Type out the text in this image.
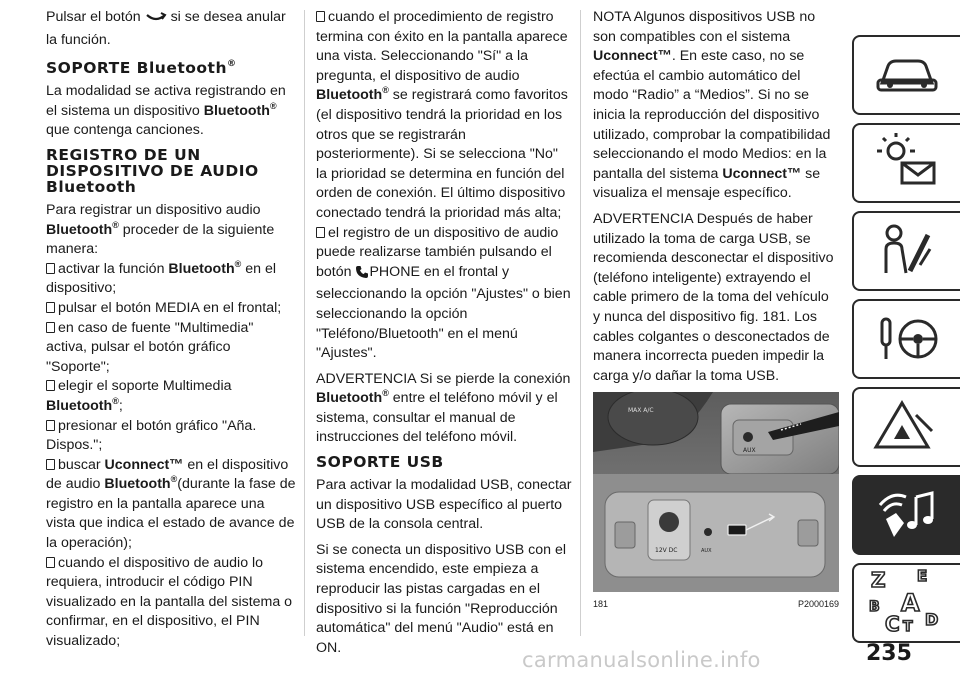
Pulsar el botón si se desea anular la función.

SOPORTE Bluetooth®

La modalidad se activa registrando en el sistema un dispositivo Bluetooth® que contenga canciones.

REGISTRO DE UN DISPOSITIVO DE AUDIO Bluetooth

Para registrar un dispositivo audio Bluetooth® proceder de la siguiente manera:

activar la función Bluetooth® en el dispositivo;
pulsar el botón MEDIA en el frontal;
en caso de fuente "Multimedia" activa, pulsar el botón gráfico "Soporte";
elegir el soporte Multimedia Bluetooth®;
presionar el botón gráfico "Aña. Dispos.";
buscar Uconnect™ en el dispositivo de audio Bluetooth®(durante la fase de registro en la pantalla aparece una vista que indica el estado de avance de la operación);
cuando el dispositivo de audio lo requiera, introducir el código PIN visualizado en la pantalla del sistema o confirmar, en el dispositivo, el PIN visualizado;
cuando el procedimiento de registro termina con éxito en la pantalla aparece una vista. Seleccionando "Sí" a la pregunta, el dispositivo de audio Bluetooth® se registrará como favoritos (el dispositivo tendrá la prioridad en los otros que se registrarán posteriormente). Si se selecciona "No" la prioridad se determina en función del orden de conexión. El último dispositivo conectado tendrá la prioridad más alta;
el registro de un dispositivo de audio puede realizarse también pulsando el botón PHONE en el frontal y seleccionando la opción "Ajustes" o bien seleccionando la opción "Teléfono/Bluetooth" en el menú "Ajustes".

ADVERTENCIA Si se pierde la conexión Bluetooth® entre el teléfono móvil y el sistema, consultar el manual de instrucciones del teléfono móvil.

SOPORTE USB

Para activar la modalidad USB, conectar un dispositivo USB específico al puerto USB de la consola central.

Si se conecta un dispositivo USB con el sistema encendido, este empieza a reproducir las pistas cargadas en el dispositivo si la función "Reproducción automática" del menú "Audio" está en ON.

NOTA Algunos dispositivos USB no son compatibles con el sistema Uconnect™. En este caso, no se efectúa el cambio automático del modo “Radio” a “Medios”. Si no se inicia la reproducción del dispositivo utilizado, comprobar la compatibilidad seleccionando el modo Medios: en la pantalla del sistema Uconnect™ se visualiza el mensaje específico.

ADVERTENCIA Después de haber utilizado la toma de carga USB, se recomienda desconectar el dispositivo (teléfono inteligente) extrayendo el cable primero de la toma del vehículo y nunca del dispositivo fig. 181. Los cables colgantes o desconectados de manera incorrecta pueden impedir la carga y/o dañar la toma USB.

MAX A/C
AUX
12V DC	AUX
181	P2000169
Z E
B A
C T D
235
carmanualsonline.info
